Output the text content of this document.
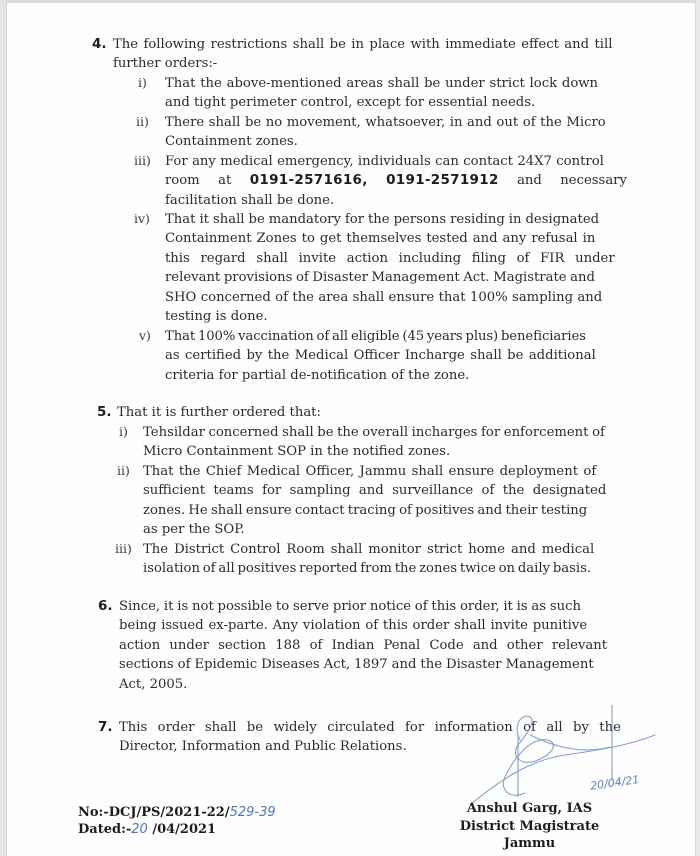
4. The following restrictions shall be in place with immediate effect and till
further orders:-
i) That the above-mentioned areas shall be under strict lock down
and tight perimeter control, except for essential needs.
ii) There shall be no movement, whatsoever, in and out of the Micro
Containment zones.
iii) For any medical emergency, individuals can contact 24X7 control
room at 0191-2571616, 0191-2571912 and necessary
facilitation shall be done.
iv) That it shall be mandatory for the persons residing in designated
Containment Zones to get themselves tested and any refusal in
this regard shall invite action including filing of FIR under
relevant provisions of Disaster Management Act. Magistrate and
SHO concerned of the area shall ensure that 100% sampling and
testing is done.
v) That 100% vaccination of all eligible (45 years plus) beneficiaries
as certified by the Medical Officer Incharge shall be additional
criteria for partial de-notification of the zone.
5. That it is further ordered that:
i) Tehsildar concerned shall be the overall incharges for enforcement of
Micro Containment SOP in the notified zones.
ii) That the Chief Medical Officer, Jammu shall ensure deployment of
sufficient teams for sampling and surveillance of the designated
zones. He shall ensure contact tracing of positives and their testing
as per the SOP.
iii) The District Control Room shall monitor strict home and medical
isolation of all positives reported from the zones twice on daily basis.
6. Since, it is not possible to serve prior notice of this order, it is as such
being issued ex-parte. Any violation of this order shall invite punitive
action under section 188 of Indian Penal Code and other relevant
sections of Epidemic Diseases Act, 1897 and the Disaster Management
Act, 2005.
7. This order shall be widely circulated for information of all by the
Director, Information and Public Relations.
20/04/21
No:-DCJ/PS/2021-22/529-39
Dated:-20 /04/2021
Anshul Garg, IAS
District Magistrate
Jammu
